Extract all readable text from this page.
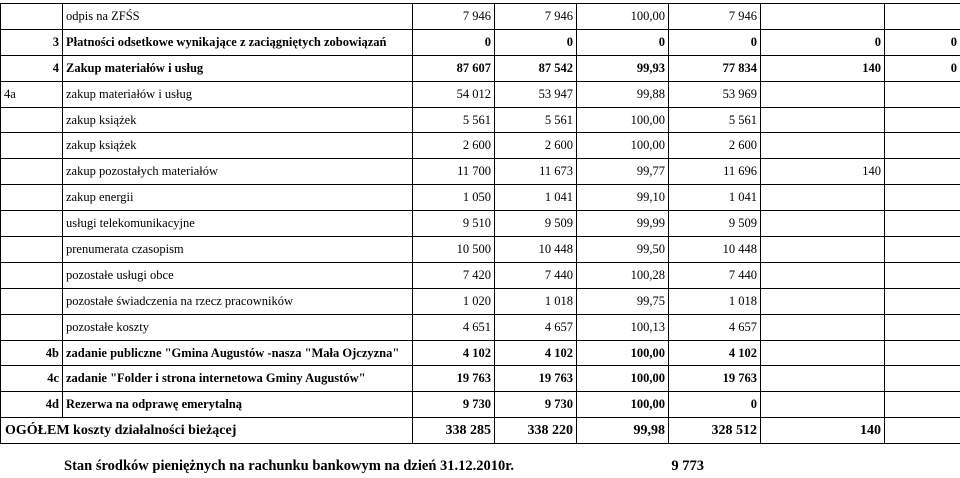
	odpis na ZFŚS	7 946	7 946	100,00	7 946		
3	Płatności odsetkowe wynikające z zaciągniętych zobowiązań	0	0	0	0	0	0
4	Zakup materiałów i usług	87 607	87 542	99,93	77 834	140	0
4a	zakup materiałów i usług	54 012	53 947	99,88	53 969		
	zakup książek	5 561	5 561	100,00	5 561		
	zakup książek	2 600	2 600	100,00	2 600		
	zakup pozostałych materiałów	11 700	11 673	99,77	11 696	140	
	zakup energii	1 050	1 041	99,10	1 041		
	usługi telekomunikacyjne	9 510	9 509	99,99	9 509		
	prenumerata czasopism	10 500	10 448	99,50	10 448		
	pozostałe usługi obce	7 420	7 440	100,28	7 440		
	pozostałe świadczenia na rzecz pracowników	1 020	1 018	99,75	1 018		
	pozostałe koszty	4 651	4 657	100,13	4 657		
4b	zadanie publiczne "Gmina Augustów -nasza "Mała Ojczyzna"	4 102	4 102	100,00	4 102		
4c	zadanie "Folder i strona internetowa Gminy Augustów"	19 763	19 763	100,00	19 763		
4d	Rezerwa na odprawę emerytalną	9 730	9 730	100,00	0		
OGÓŁEM koszty działalności bieżącej		338 285	338 220	99,98	328 512	140	
Stan środków pieniężnych na rachunku bankowym na dzień 31.12.2010r.	9 773
